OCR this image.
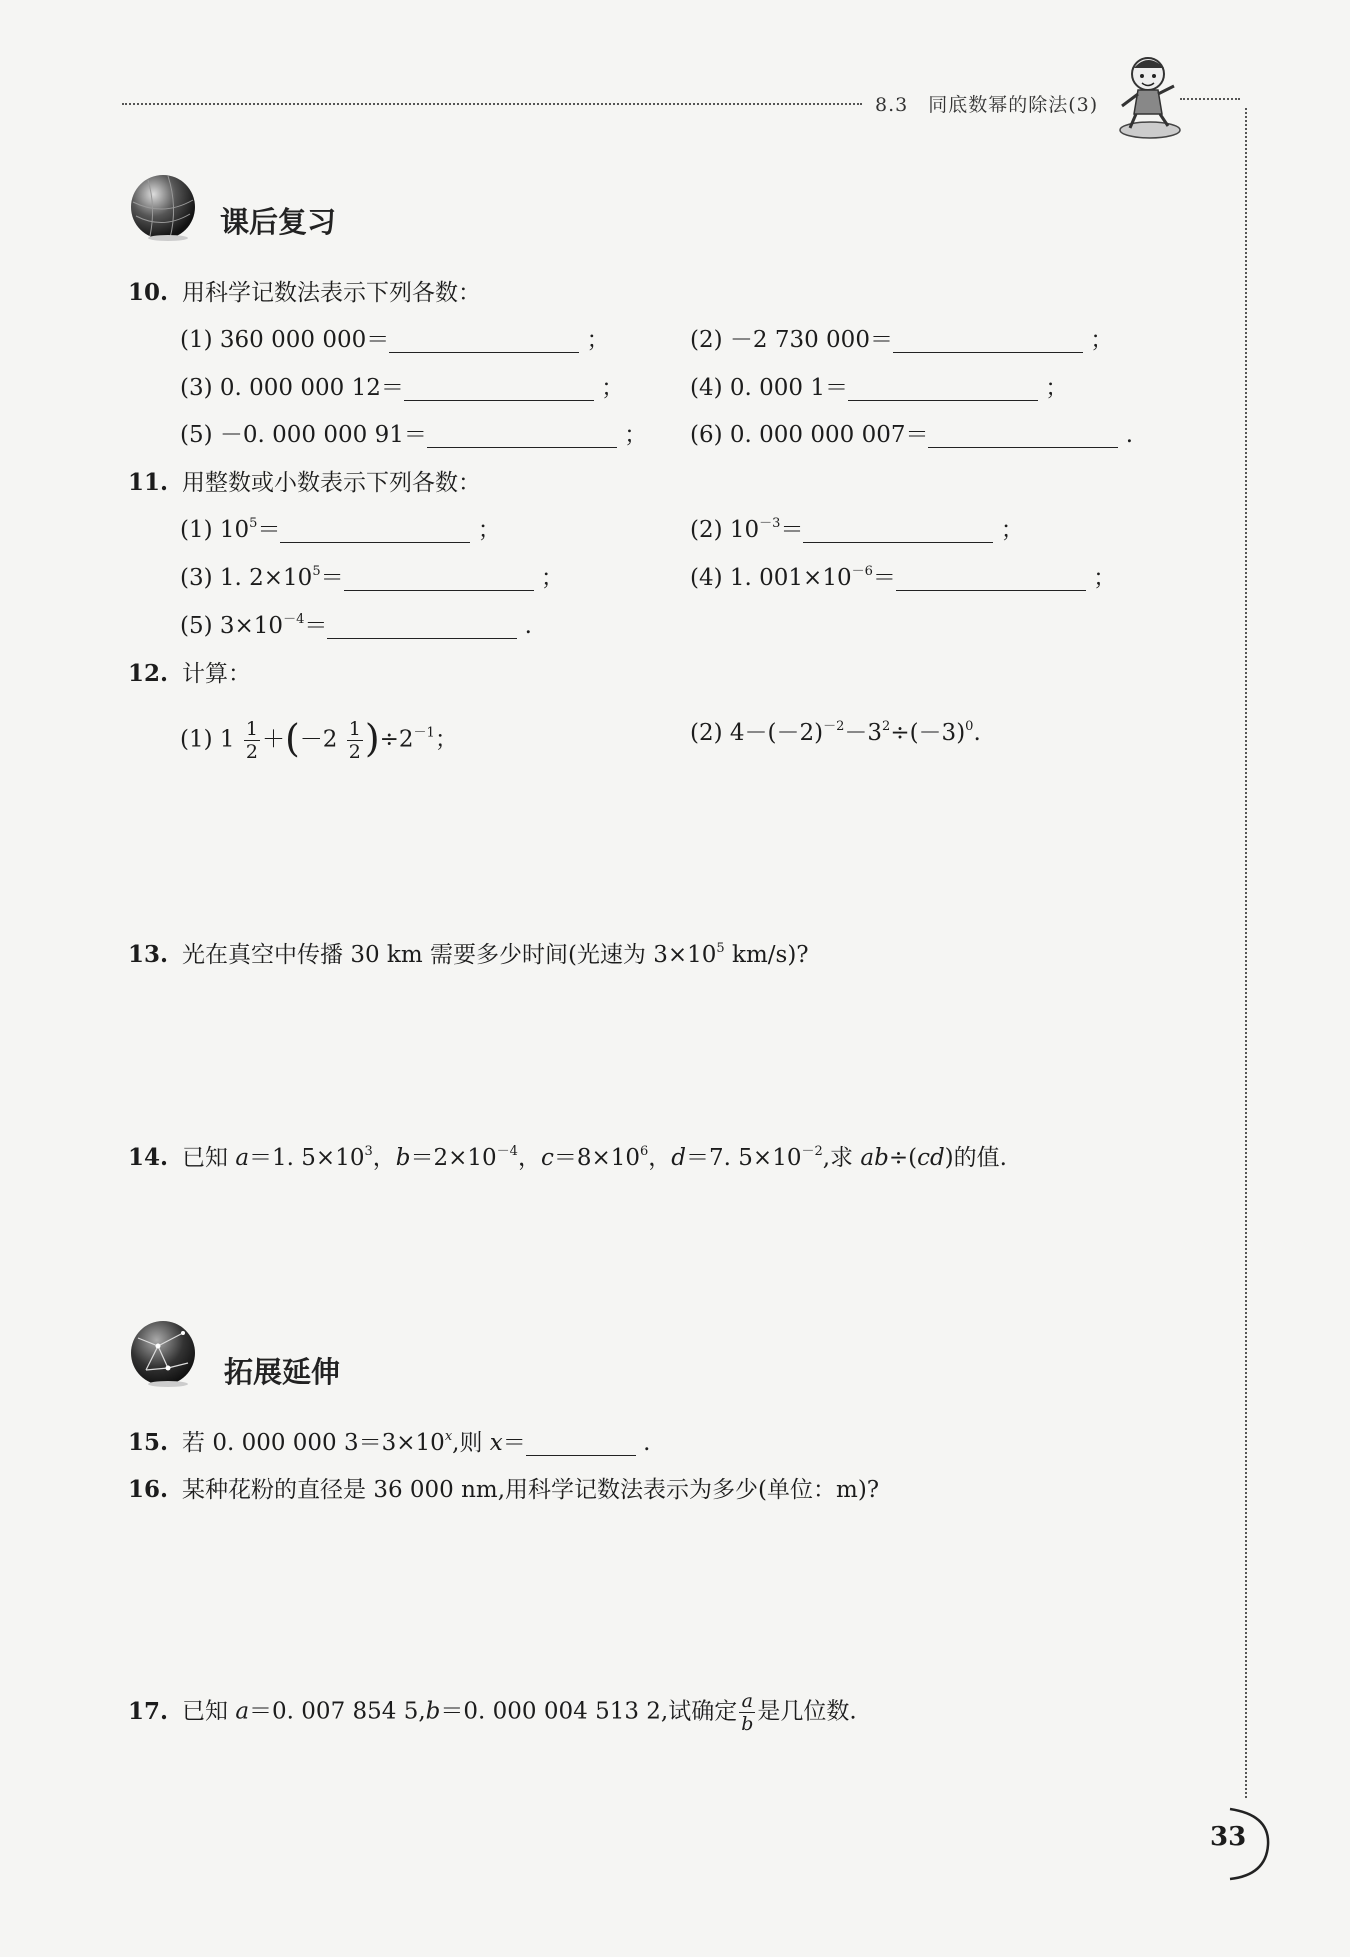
8.3　同底数幂的除法(3)
课后复习
10. 用科学记数法表示下列各数：
(1) 360 000 000＝	；	(2) －2 730 000＝	；
(3) 0. 000 000 12＝	；	(4) 0. 000 1＝	；
(5) －0. 000 000 91＝	； (6) 0. 000 000 007＝	.
11. 用整数或小数表示下列各数：
(1) $10^5=$	；	(2) $10^{-3}=$	；
(3) 1. $2\times 10^5=$	；	(4) 1. $001\times 10^{-6}=$	；
(5) $3\times 10^{-4}=$	.
12. 计算：
(1) $1 \frac{1}{2} +(-2 \frac{1}{2} )\div 2^{-1}$；	(2) $4-(-2)^{-2}-3^2\div(-3)^0$.
13. 光在真空中传播 30 km 需要多少时间(光速为 $3\times 10^5$ km/s)?
14. 已知 a＝1. $5\times 10^3$，$b=2\times 10^{-4}$，$c=8\times 10^6$，d＝7. $5\times 10^{-2}$,求 ab÷(cd)的值.
拓展延伸
15. 若 0. 000 000 $3=3\times 10^x$,则 x＝	.
16. 某种花粉的直径是 36 000 nm,用科学记数法表示为多少(单位：m)?
17. 已知 a＝0. 007 854 5,b＝0. 000 004 513 2,试确定 $\frac{a}{b}$ 是几位数.
33
